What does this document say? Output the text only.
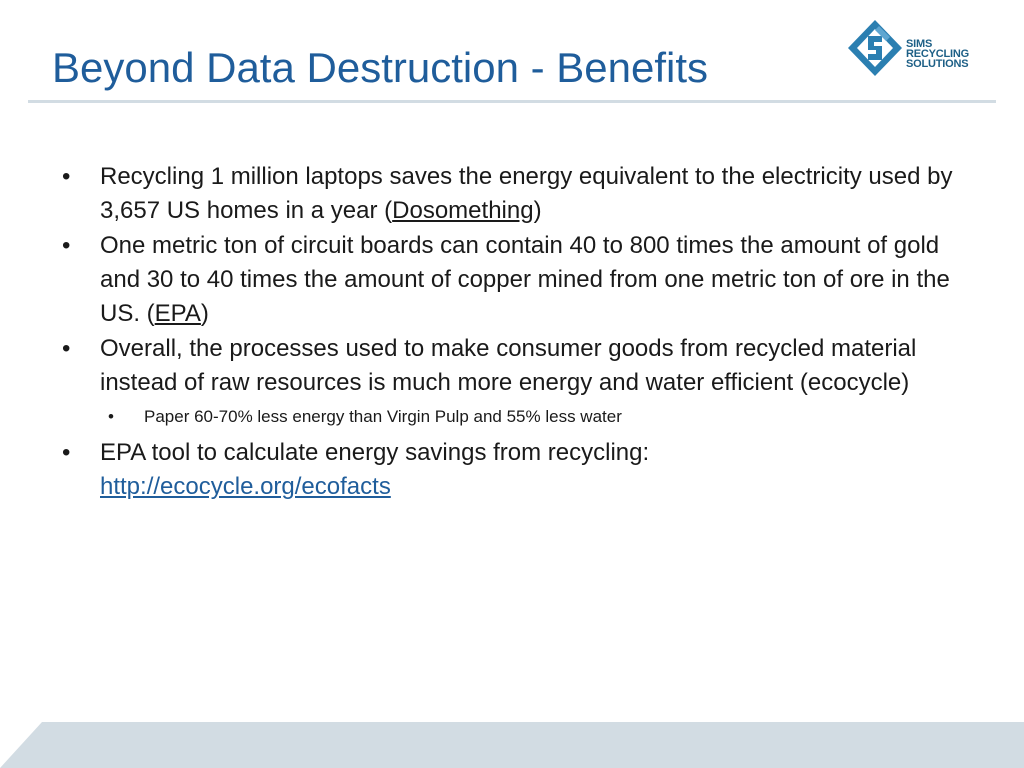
Beyond Data Destruction - Benefits	SIMS
RECYCLING
SOLUTIONS

• Recycling 1 million laptops saves the energy equivalent to the electricity used by 3,657 US homes in a year (Dosomething)

• One metric ton of circuit boards can contain 40 to 800 times the amount of gold and 30 to 40 times the amount of copper mined from one metric ton of ore in the US. (EPA)

• Overall, the processes used to make consumer goods from recycled material instead of raw resources is much more energy and water efficient (ecocycle)

• Paper 60-70% less energy than Virgin Pulp and 55% less water

• EPA tool to calculate energy savings from recycling:
http://ecocycle.org/ecofacts
